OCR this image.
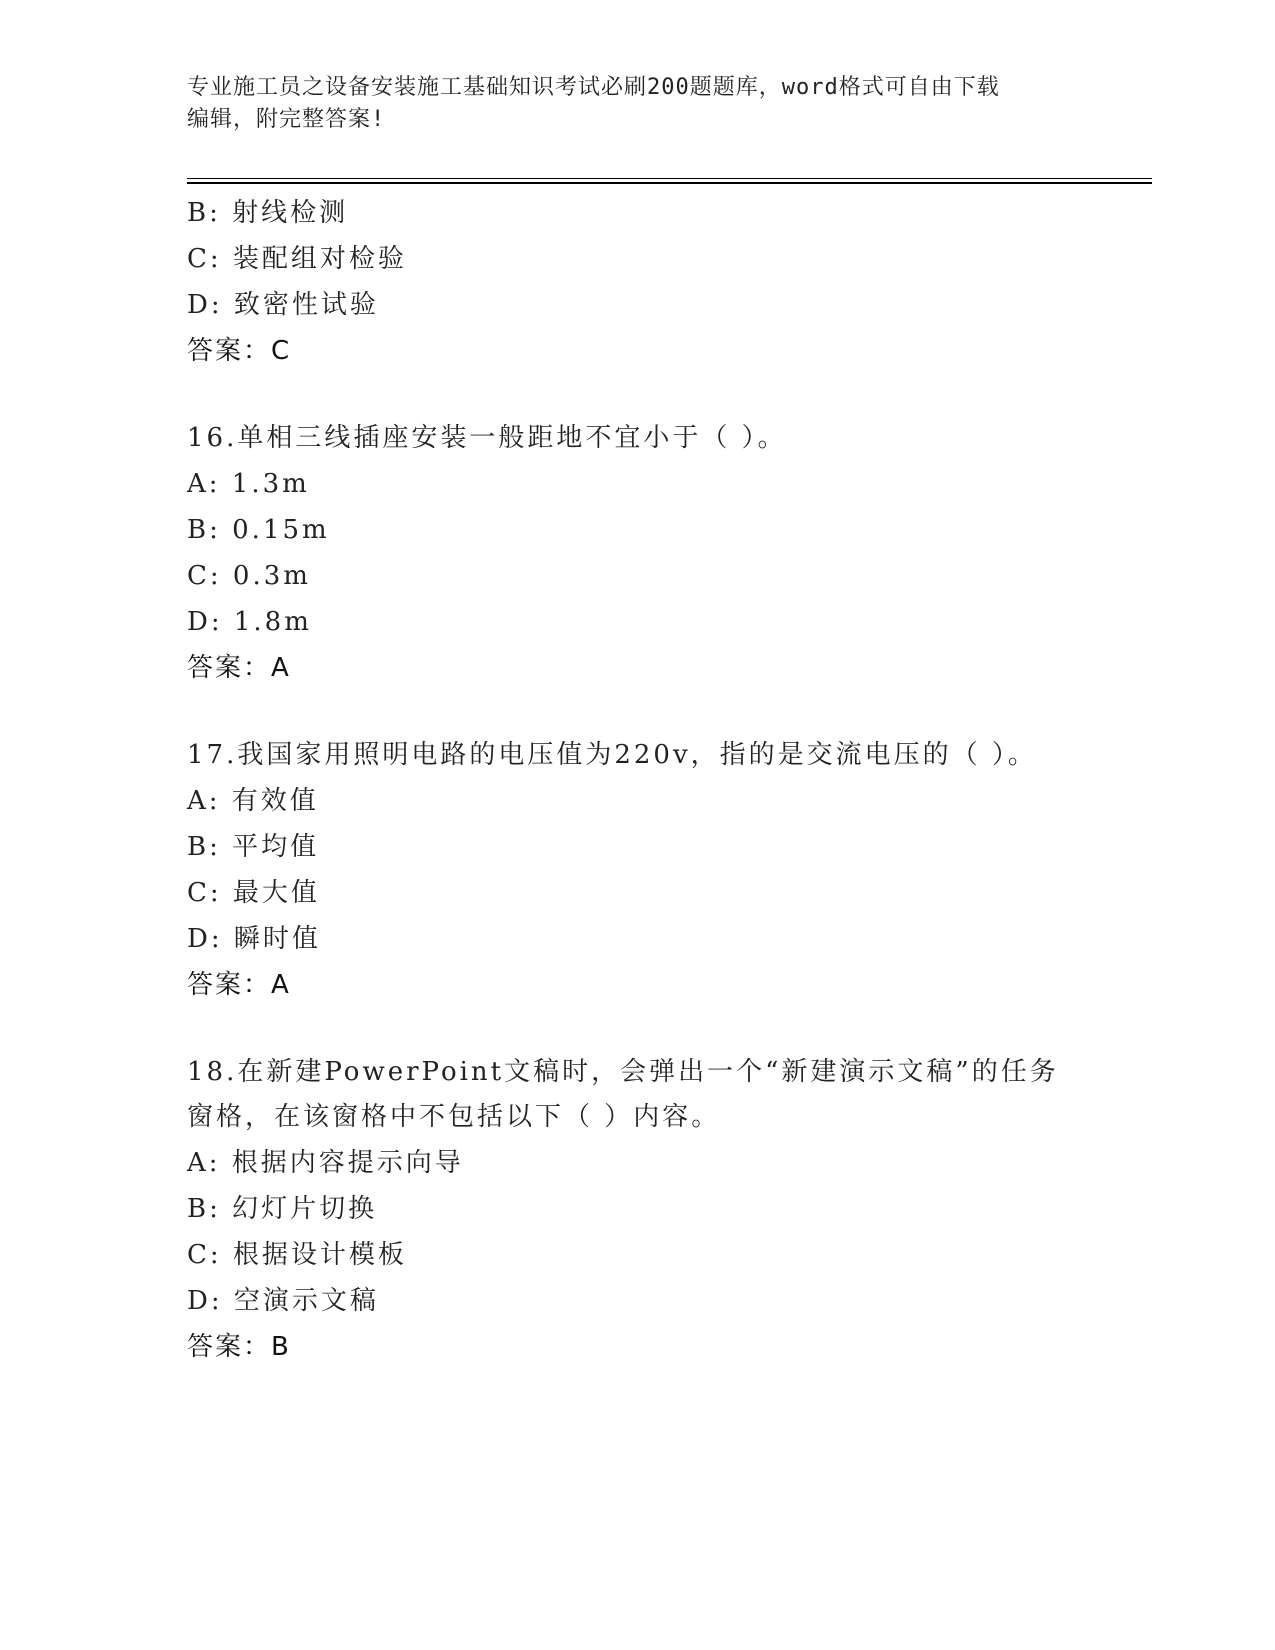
专业施工员之设备安装施工基础知识考试必刷200题题库，word格式可自由下载
编辑，附完整答案!
B: 射线检测
C: 装配组对检验
D: 致密性试验
答案：C
16.单相三线插座安装一般距地不宜小于（ ）。
A: 1.3m
B: 0.15m
C: 0.3m
D: 1.8m
答案：A
17.我国家用照明电路的电压值为220v，指的是交流电压的（ ）。
A: 有效值
B: 平均值
C: 最大值
D: 瞬时值
答案：A
18.在新建PowerPoint文稿时，会弹出一个“新建演示文稿”的任务
窗格，在该窗格中不包括以下（ ）内容。
A: 根据内容提示向导
B: 幻灯片切换
C: 根据设计模板
D: 空演示文稿
答案：B
